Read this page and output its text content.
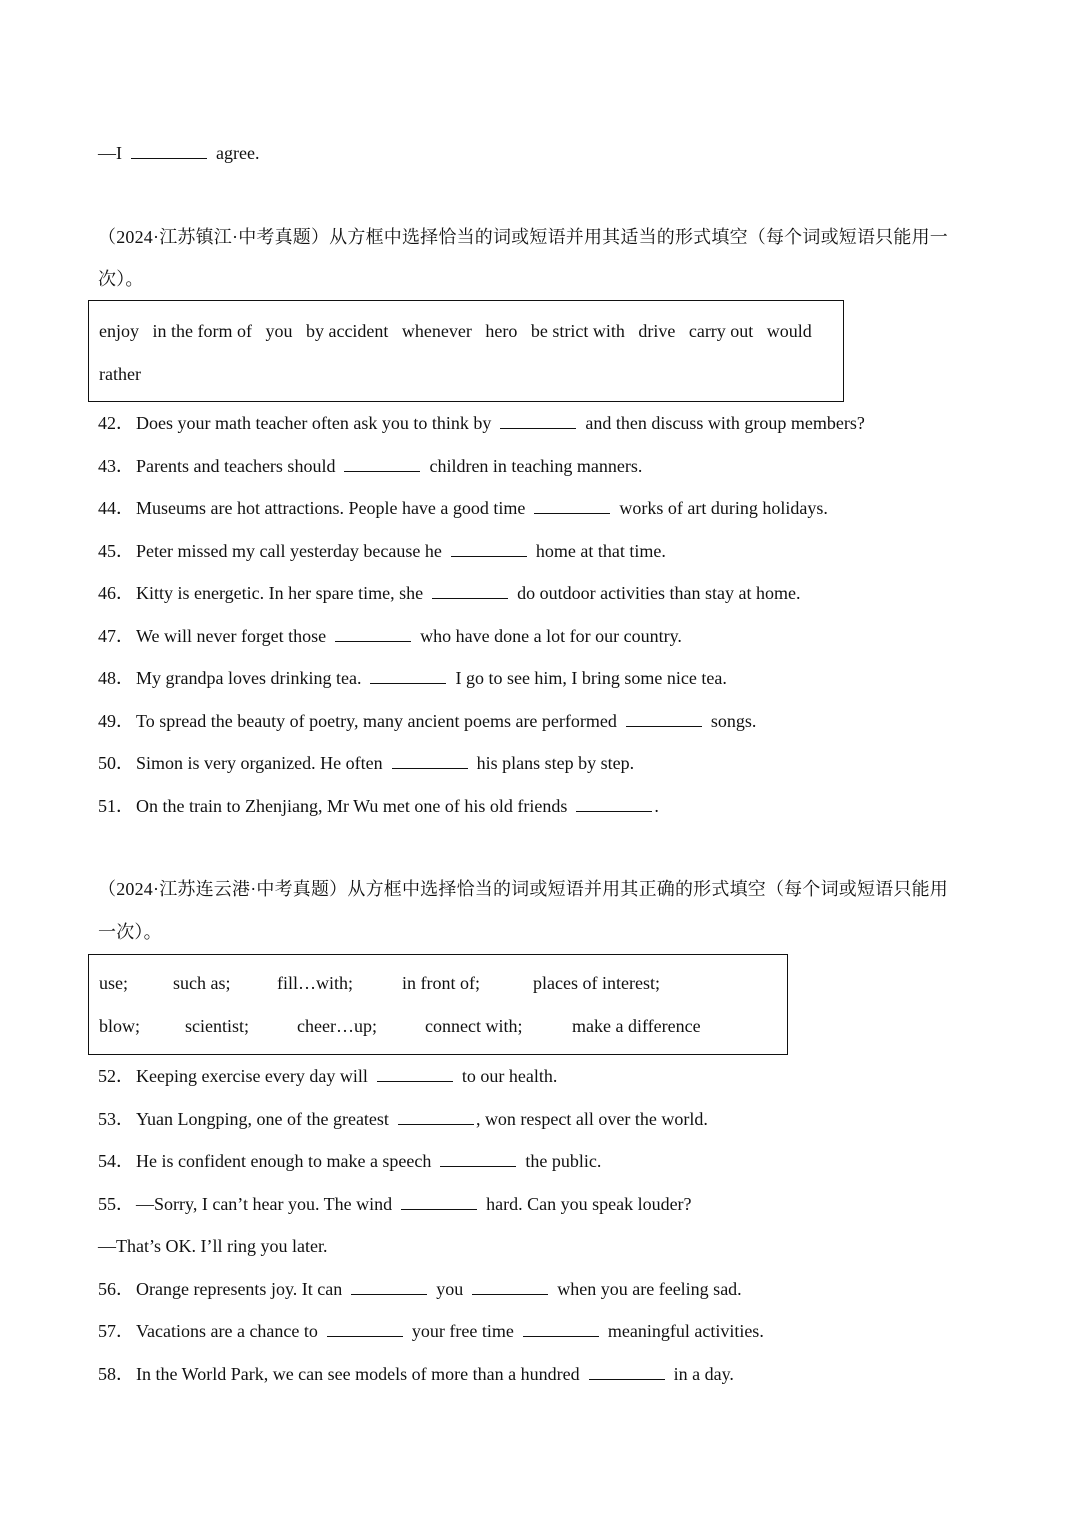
—I	agree.
（2024·江苏镇江·中考真题）从方框中选择恰当的词或短语并用其适当的形式填空（每个词或短语只能用一
次）。
enjoy   in the form of   you   by accident   whenever   hero   be strict with   drive   carry out   would
rather
42． Does your math teacher often ask you to think by	and then discuss with group members?
43． Parents and teachers should	children in teaching manners.
44． Museums are hot attractions. People have a good time	works of art during holidays.
45． Peter missed my call yesterday because he	home at that time.
46． Kitty is energetic. In her spare time, she	do outdoor activities than stay at home.
47． We will never forget those	who have done a lot for our country.
48． My grandpa loves drinking tea.	I go to see him, I bring some nice tea.
49． To spread the beauty of poetry, many ancient poems are performed	songs.
50． Simon is very organized. He often	his plans step by step.
51． On the train to Zhenjiang, Mr Wu met one of his old friends	.
（2024·江苏连云港·中考真题）从方框中选择恰当的词或短语并用其正确的形式填空（每个词或短语只能用
一次）。
use;	such as;	fill…with;	in front of;	places of interest;
blow; scientist;	cheer…up;	connect with;	make a difference
52． Keeping exercise every day will	to our health.
53． Yuan Longping, one of the greatest	, won respect all over the world.
54． He is confident enough to make a speech	the public.
55． —Sorry, I can’t hear you. The wind	hard. Can you speak louder?
—That’s OK. I’ll ring you later.
56． Orange represents joy. It can	you	when you are feeling sad.
57． Vacations are a chance to	your free time	meaningful activities.
58． In the World Park, we can see models of more than a hundred	in a day.
